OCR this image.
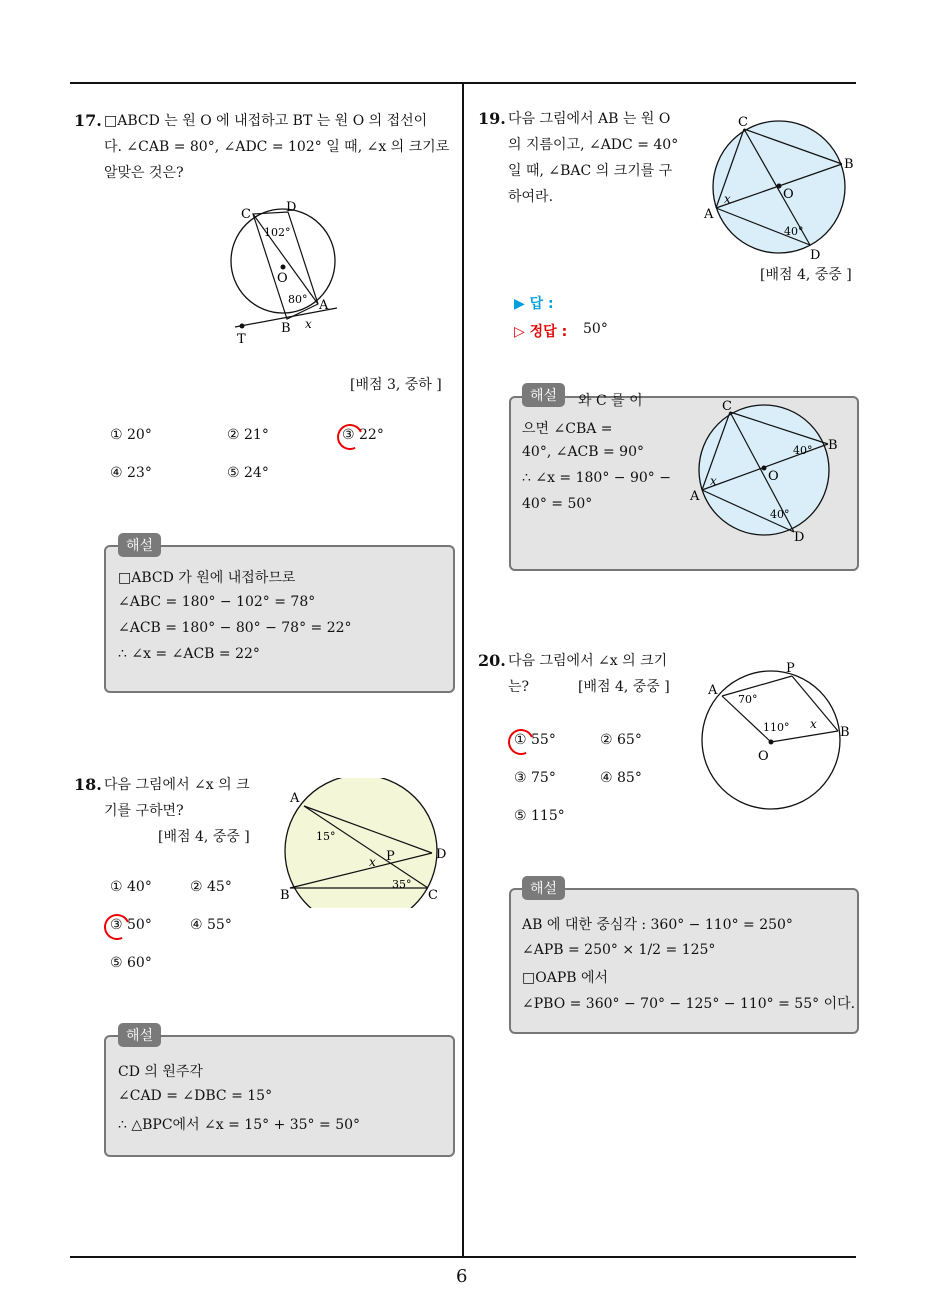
6
17. □ABCD 는 원 O 에 내접하고 BT 는 원 O 의 접선이
다. ∠CAB = 80°, ∠ADC = 102° 일 때, ∠x 의 크기로
알맞은 것은?
C	D
O
A
B
T
x
102°
80°
[배점 3, 중하 ]
① 20°	② 21°	③ 22°
④ 23°	⑤ 24°
해설
□ABCD 가 원에 내접하므로
∠ABC = 180° − 102° = 78°
∠ACB = 180° − 80° − 78° = 22°
∴ ∠x = ∠ACB = 22°
18. 다음 그림에서 ∠x 의 크
기를 구하면?
[배점 4, 중중 ]
A
B	C
D
P
x
15°
35°
① 40°	② 45°
③ 50°	④ 55°
⑤ 60°
해설
CD 의 원주각
∠CAD = ∠DBC = 15°
∴ △BPC에서 ∠x = 15° + 35° = 50°
19. 다음 그림에서 AB 는 원 O
의 지름이고, ∠ADC = 40°
일 때, ∠BAC 의 크기를 구
하여라.
C
B
O
A
D
x
40°
[배점 4, 중중 ]
▶ 답 :
▷ 정답 : 50°
해설	와 C 를 이
으면 ∠CBA =
40°, ∠ACB = 90°
∴ ∠x = 180° − 90° −
40° = 50°
C
B
O
A
D
x
40°
40°
20. 다음 그림에서 ∠x 의 크기
는?	[배점 4, 중중 ]
P
A
B
O
x
70°
110°
① 55°	② 65°
③ 75°	④ 85°
⑤ 115°
해설
AB 에 대한 중심각 : 360° − 110° = 250°
∠APB = 250° × 1/2 = 125°
□OAPB 에서
∠PBO = 360° − 70° − 125° − 110° = 55° 이다.
